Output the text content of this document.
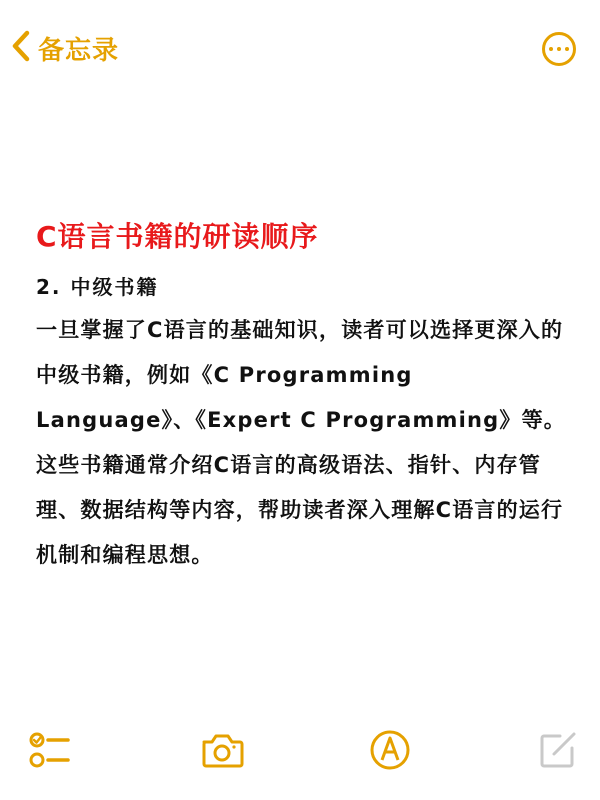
备忘录
C语言书籍的研读顺序
2. 中级书籍

一旦掌握了C语言的基础知识，读者可以选择更深入的中级书籍，例如《C Programming Language》、《Expert C Programming》等。这些书籍通常介绍C语言的高级语法、指针、内存管理、数据结构等内容，帮助读者深入理解C语言的运行机制和编程思想。
